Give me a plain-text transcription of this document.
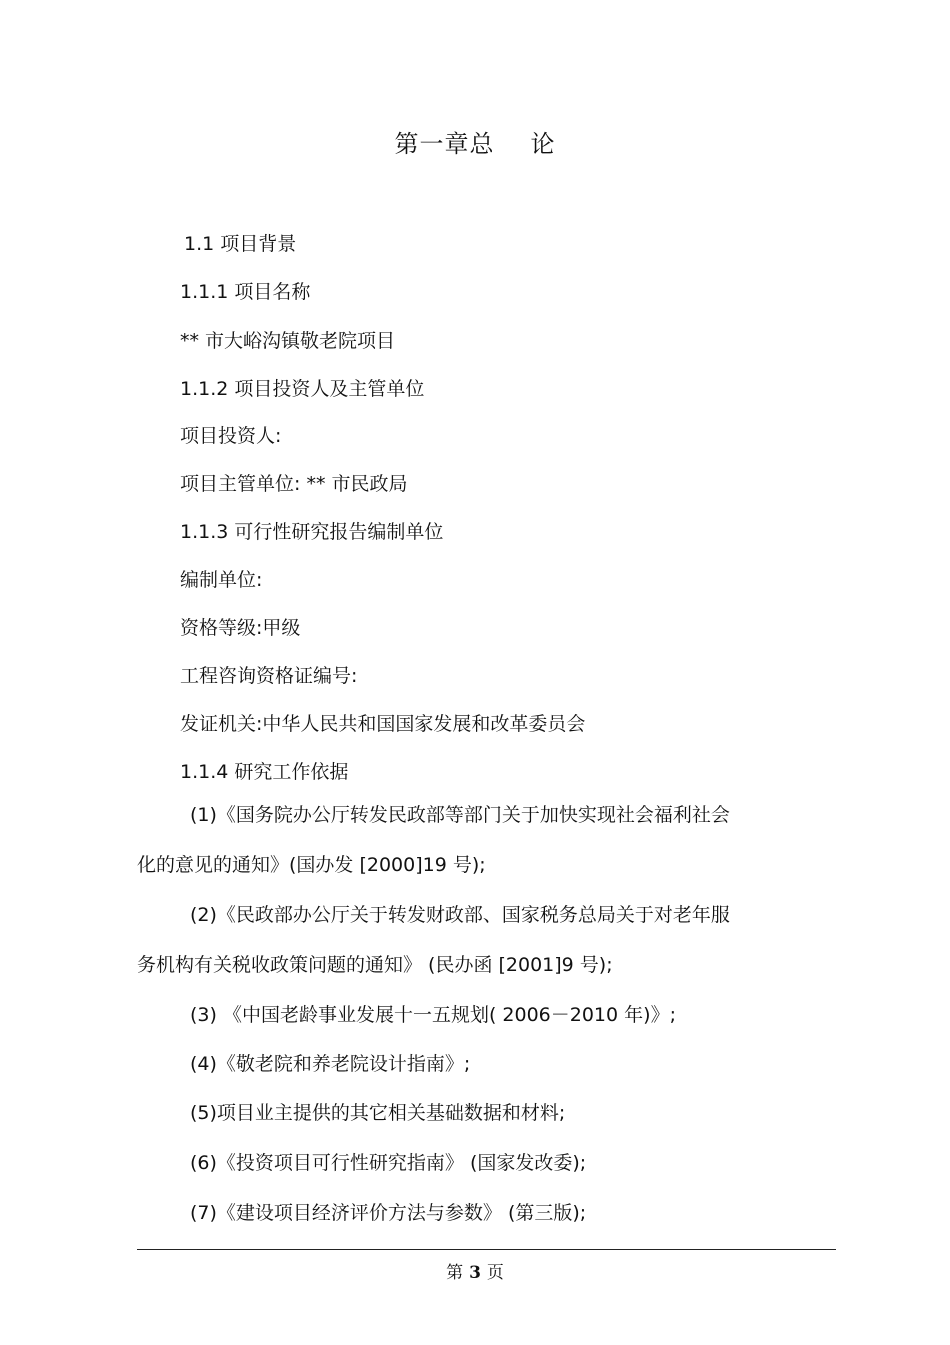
第一章总 论
1.1 项目背景
1.1.1 项目名称
** 市大峪沟镇敬老院项目
1.1.2 项目投资人及主管单位
项目投资人:
项目主管单位: ** 市民政局
1.1.3 可行性研究报告编制单位
编制单位:
资格等级:甲级
工程咨询资格证编号:
发证机关:中华人民共和国国家发展和改革委员会
1.1.4 研究工作依据
(1)《国务院办公厅转发民政部等部门关于加快实现社会福利社会
化的意见的通知》(国办发 [2000]19 号);
(2)《民政部办公厅关于转发财政部、国家税务总局关于对老年服
务机构有关税收政策问题的通知》 (民办函 [2001]9 号);
(3) 《中国老龄事业发展十一五规划( 2006－2010 年)》;
(4)《敬老院和养老院设计指南》;
(5)项目业主提供的其它相关基础数据和材料;
(6)《投资项目可行性研究指南》 (国家发改委);
(7)《建设项目经济评价方法与参数》 (第三版);
第 3 页
